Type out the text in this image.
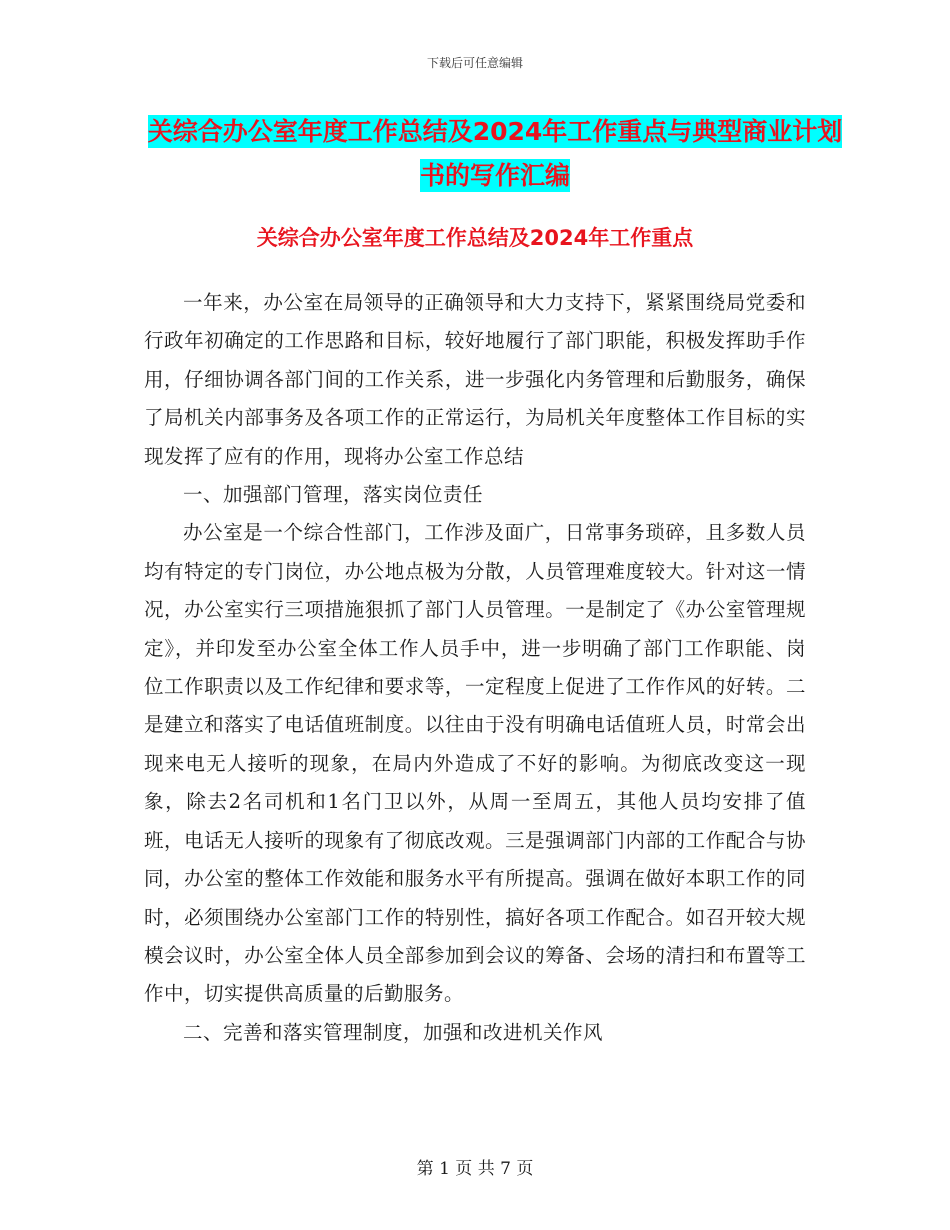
下载后可任意编辑
关综合办公室年度工作总结及2024年工作重点与典型商业计划书的写作汇编
关综合办公室年度工作总结及2024年工作重点

一年来，办公室在局领导的正确领导和大力支持下，紧紧围绕局党委和行政年初确定的工作思路和目标，较好地履行了部门职能，积极发挥助手作用，仔细协调各部门间的工作关系，进一步强化内务管理和后勤服务，确保了局机关内部事务及各项工作的正常运行，为局机关年度整体工作目标的实现发挥了应有的作用，现将办公室工作总结

一、加强部门管理，落实岗位责任

办公室是一个综合性部门，工作涉及面广，日常事务琐碎，且多数人员均有特定的专门岗位，办公地点极为分散，人员管理难度较大。针对这一情况，办公室实行三项措施狠抓了部门人员管理。一是制定了《办公室管理规定》，并印发至办公室全体工作人员手中，进一步明确了部门工作职能、岗位工作职责以及工作纪律和要求等，一定程度上促进了工作作风的好转。二是建立和落实了电话值班制度。以往由于没有明确电话值班人员，时常会出现来电无人接听的现象，在局内外造成了不好的影响。为彻底改变这一现象，除去2名司机和1名门卫以外，从周一至周五，其他人员均安排了值班，电话无人接听的现象有了彻底改观。三是强调部门内部的工作配合与协同，办公室的整体工作效能和服务水平有所提高。强调在做好本职工作的同时，必须围绕办公室部门工作的特别性，搞好各项工作配合。如召开较大规模会议时，办公室全体人员全部参加到会议的筹备、会场的清扫和布置等工作中，切实提供高质量的后勤服务。

二、完善和落实管理制度，加强和改进机关作风

第 1 页 共 7 页
